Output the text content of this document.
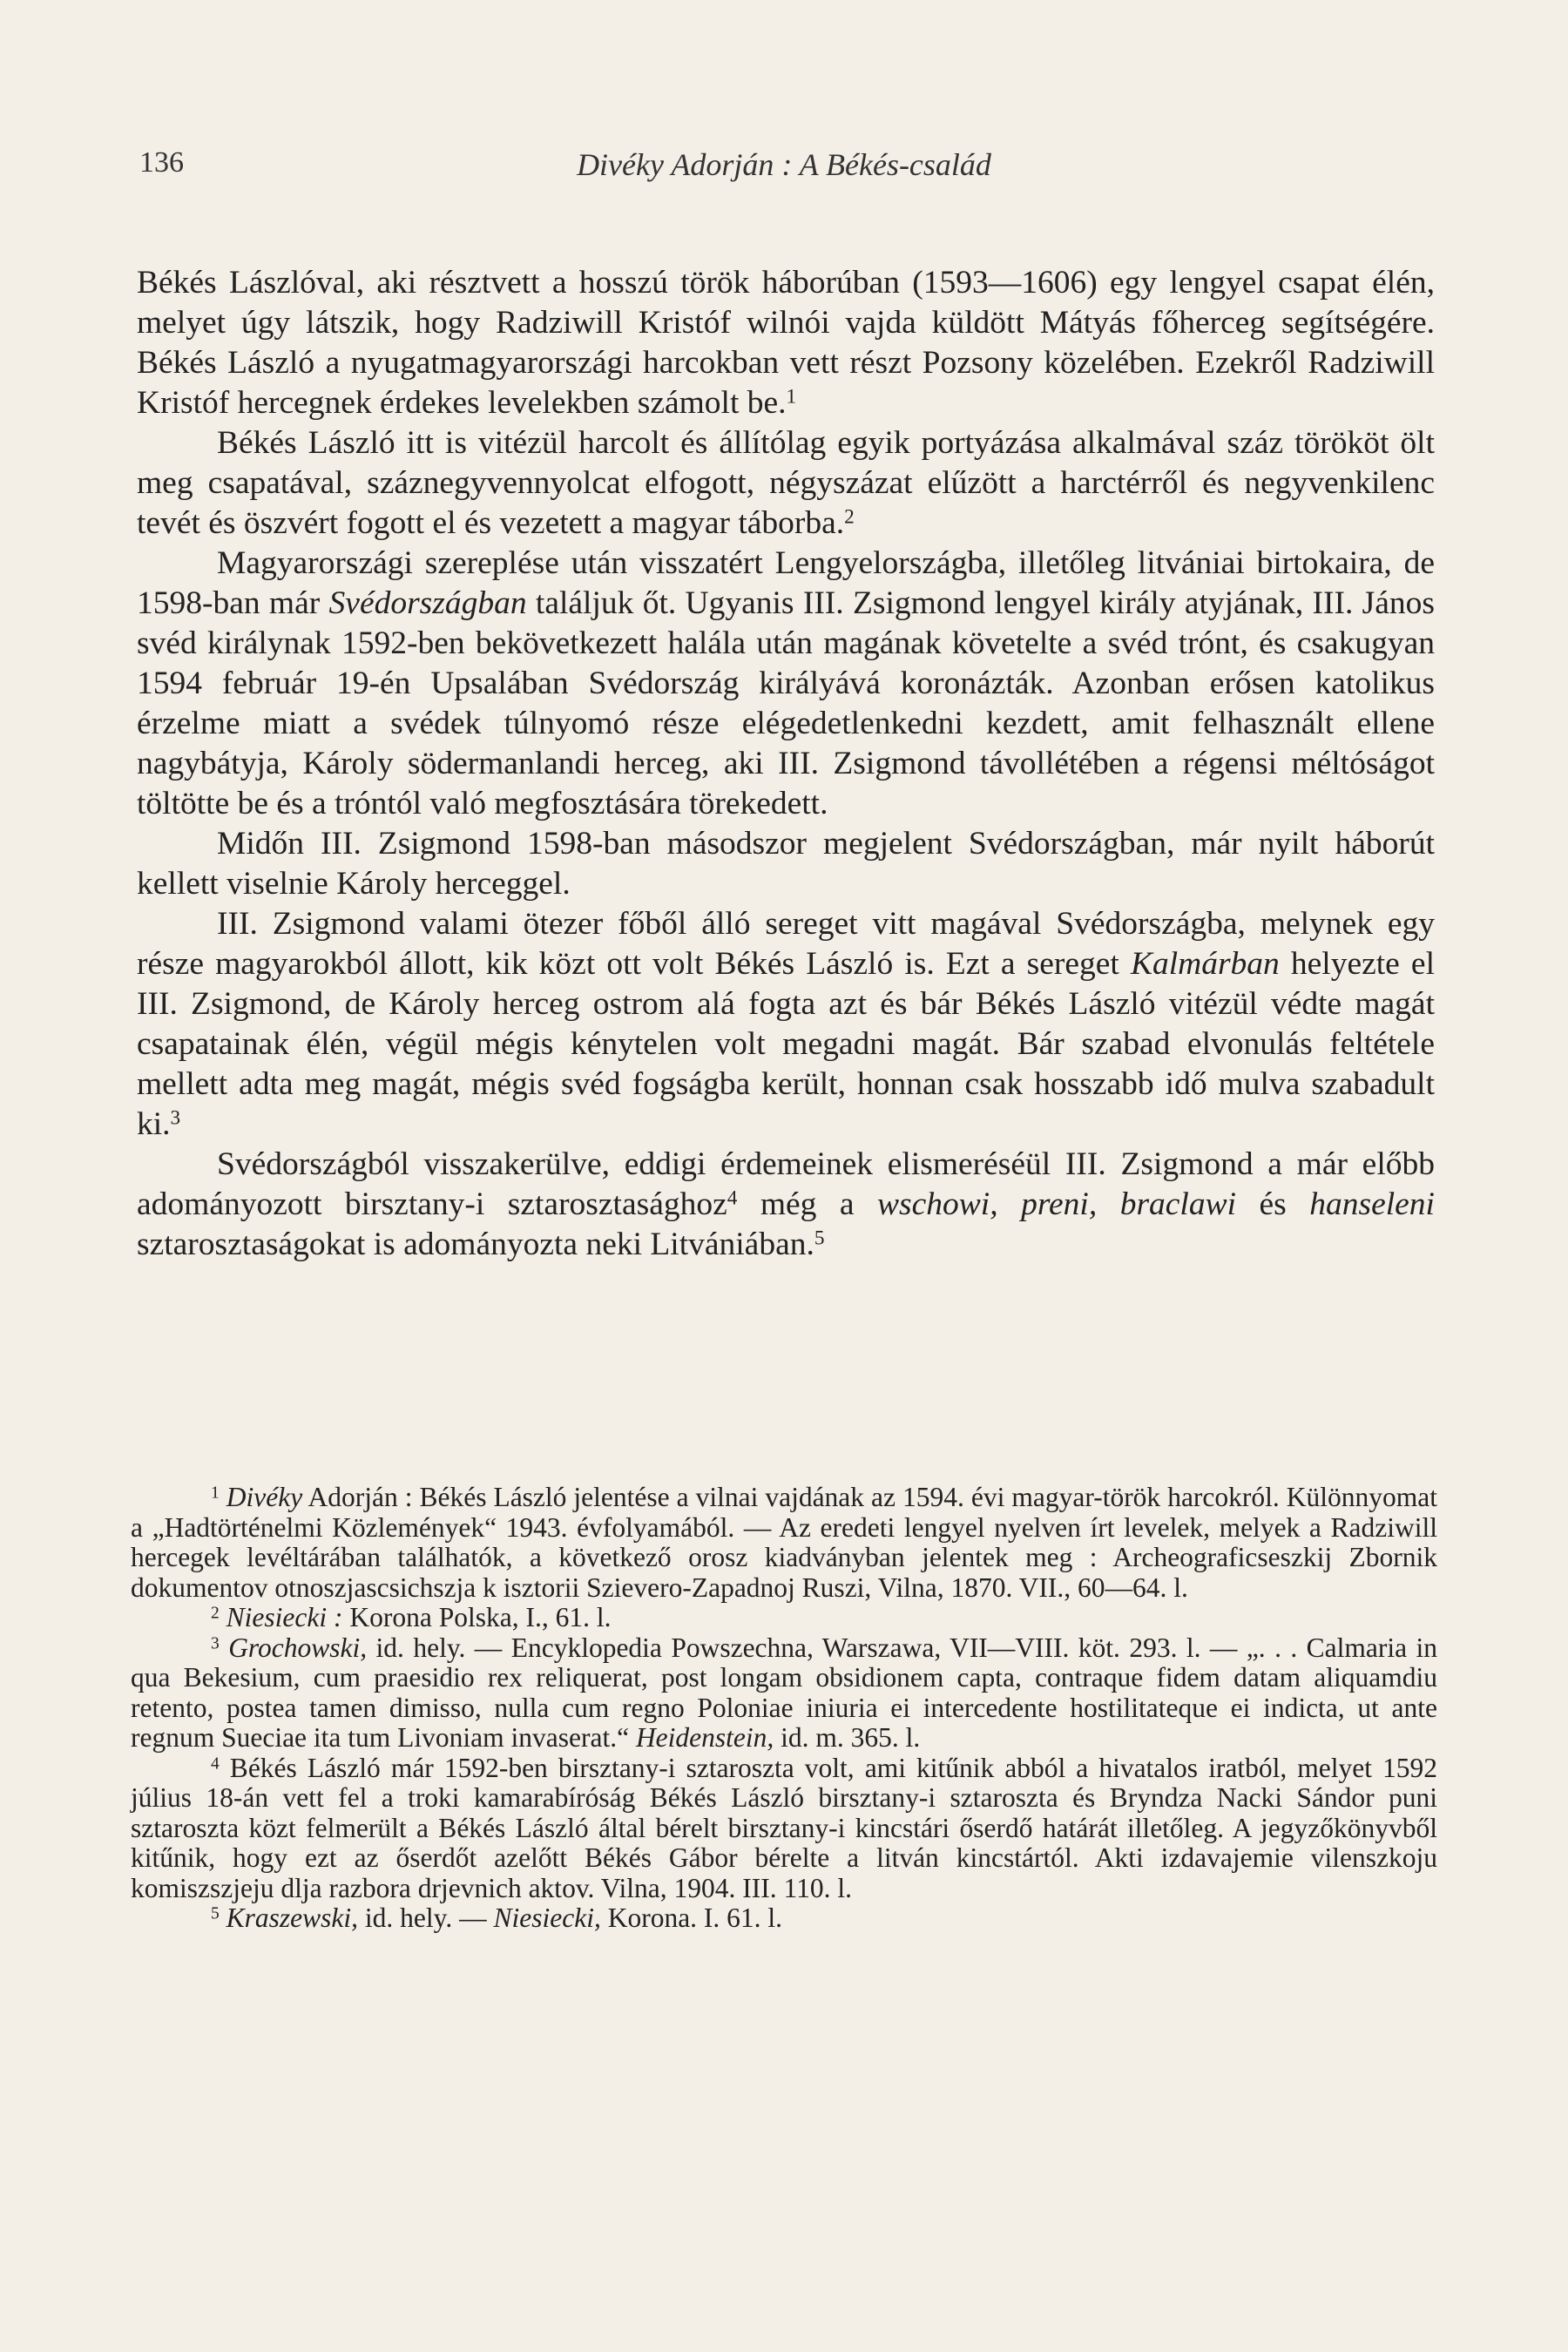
136	Divéky Adorján : A Békés-család

Békés Lászlóval, aki résztvett a hosszú török háborúban (1593—1606) egy lengyel csapat élén, melyet úgy látszik, hogy Radziwill Kristóf wilnói vajda küldött Mátyás főherceg segítségére. Békés László a nyugatmagyarországi harcokban vett részt Pozsony közelében. Ezekről Radziwill Kristóf hercegnek érdekes levelekben számolt be.$^1$

Békés László itt is vitézül harcolt és állítólag egyik portyázása alkalmával száz törököt ölt meg csapatával, száznegyvennyolcat elfogott, négyszázat elűzött a harctérről és negyvenkilenc tevét és öszvért fogott el és vezetett a magyar táborba.$^2$

Magyarországi szereplése után visszatért Lengyelországba, illetőleg litvániai birtokaira, de 1598-ban már Svédországban találjuk őt. Ugyanis III. Zsigmond lengyel király atyjának, III. János svéd királynak 1592-ben bekövetkezett halála után magának követelte a svéd trónt, és csakugyan 1594 február 19-én Upsalában Svédország királyává koronázták. Azonban erősen katolikus érzelme miatt a svédek túlnyomó része elégedetlenkedni kezdett, amit felhasznált ellene nagybátyja, Károly södermanlandi herceg, aki III. Zsigmond távollétében a régensi méltóságot töltötte be és a tróntól való megfosztására törekedett.

Midőn III. Zsigmond 1598-ban másodszor megjelent Svédországban, már nyilt háborút kellett viselnie Károly herceggel.

III. Zsigmond valami ötezer főből álló sereget vitt magával Svédországba, melynek egy része magyarokból állott, kik közt ott volt Békés László is. Ezt a sereget Kalmárban helyezte el III. Zsigmond, de Károly herceg ostrom alá fogta azt és bár Békés László vitézül védte magát csapatainak élén, végül mégis kénytelen volt megadni magát. Bár szabad elvonulás feltétele mellett adta meg magát, mégis svéd fogságba került, honnan csak hosszabb idő mulva szabadult ki.$^3$

Svédországból visszakerülve, eddigi érdemeinek elismeréséül III. Zsigmond a már előbb adományozott birsztany-i sztarosztasághoz$^4$ még a wschowi, preni, braclawi és hanseleni sztarosztaságokat is adományozta neki Litvániában.$^5$

$^1$ Divéky Adorján : Békés László jelentése a vilnai vajdának az 1594. évi magyar-török harcokról. Különnyomat a „Hadtörténelmi Közlemények“ 1943. évfolyamából. — Az eredeti lengyel nyelven írt levelek, melyek a Radziwill hercegek levéltárában találhatók, a következő orosz kiadványban jelentek meg : Archeograficseszkij Zbornik dokumentov otnoszjascsichszja k isztorii Szievero-Zapadnoj Ruszi, Vilna, 1870. VII., 60—64. l.

$^2$ Niesiecki : Korona Polska, I., 61. l.

$^3$ Grochowski, id. hely. — Encyklopedia Powszechna, Warszawa, VII—VIII. köt. 293. l. — „. . . Calmaria in qua Bekesium, cum praesidio rex reliquerat, post longam obsidionem capta, contraque fidem datam aliquamdiu retento, postea tamen dimisso, nulla cum regno Poloniae iniuria ei intercedente hostilitateque ei indicta, ut ante regnum Sueciae ita tum Livoniam invaserat.“ Heidenstein, id. m. 365. l.

$^4$ Békés László már 1592-ben birsztany-i sztaroszta volt, ami kitűnik abból a hivatalos iratból, melyet 1592 július 18-án vett fel a troki kamarabíróság Békés László birsztany-i sztaroszta és Bryndza Nacki Sándor puni sztaroszta közt felmerült a Békés László által bérelt birsztany-i kincstári őserdő határát illetőleg. A jegyzőkönyvből kitűnik, hogy ezt az őserdőt azelőtt Békés Gábor bérelte a litván kincstártól. Akti izdavajemie vilenszkoju komiszszjeju dlja razbora drjevnich aktov. Vilna, 1904. III. 110. l.

$^5$ Kraszewski, id. hely. — Niesiecki, Korona. I. 61. l.
